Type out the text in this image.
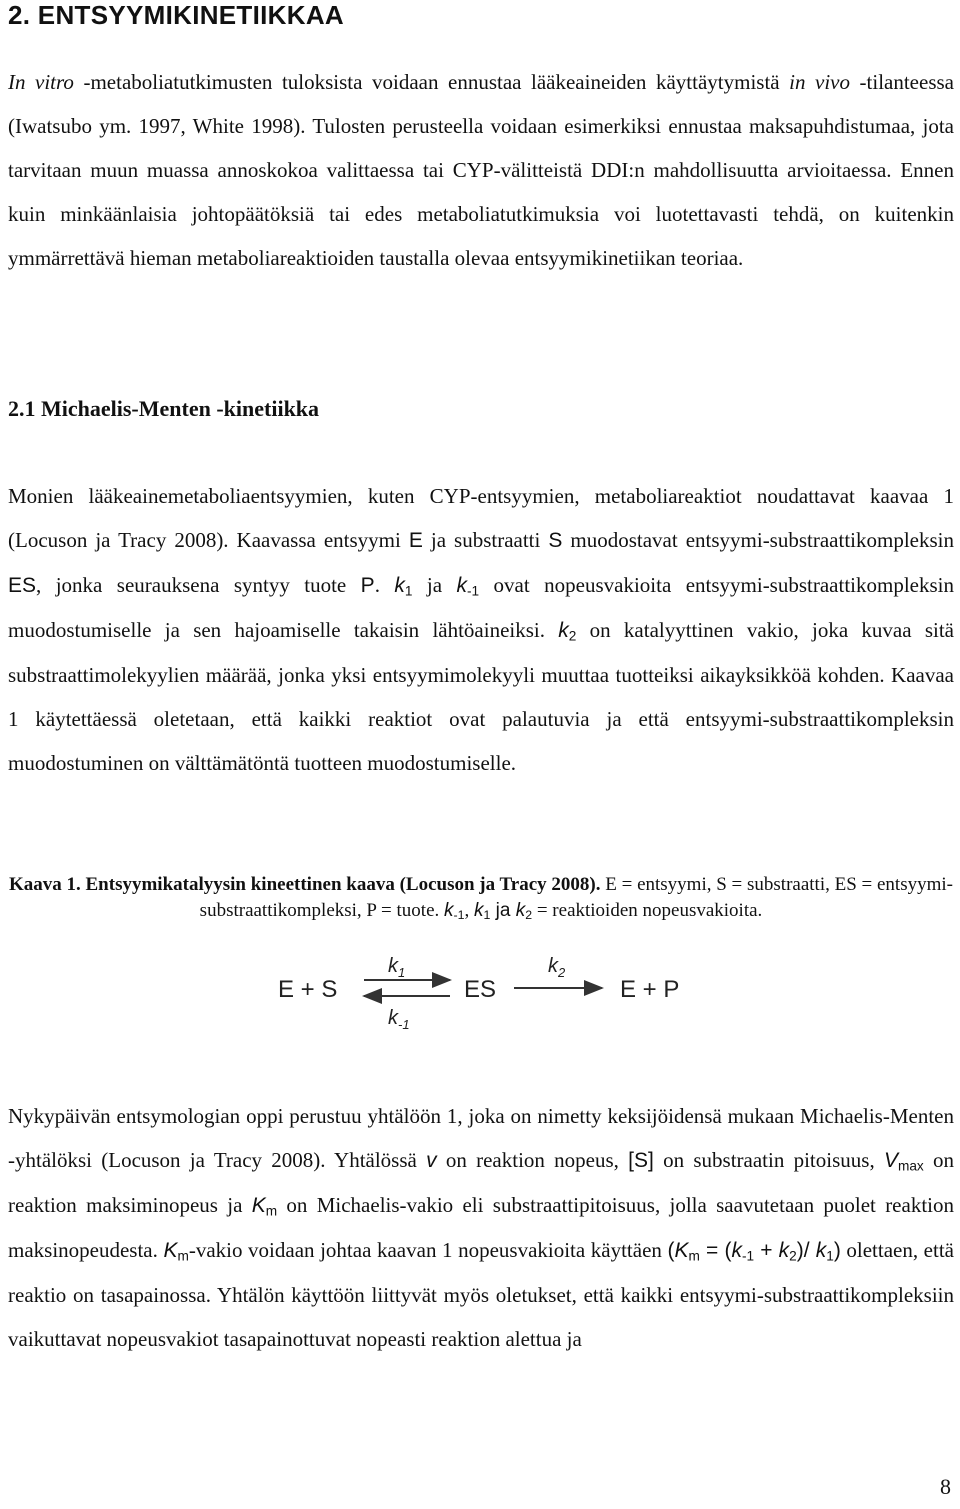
2. ENTSYYMIKINETIIKKAA

In vitro -metaboliatutkimusten tuloksista voidaan ennustaa lääkeaineiden käyttäytymistä in vivo -tilanteessa (Iwatsubo ym. 1997, White 1998). Tulosten perusteella voidaan esimerkiksi ennustaa maksapuhdistumaa, jota tarvitaan muun muassa annoskokoa valittaessa tai CYP-välitteistä DDI:n mahdollisuutta arvioitaessa. Ennen kuin minkäänlaisia johtopäätöksiä tai edes metaboliatutkimuksia voi luotettavasti tehdä, on kuitenkin ymmärrettävä hieman metaboliareaktioiden taustalla olevaa entsyymikinetiikan teoriaa.

2.1 Michaelis-Menten -kinetiikka

Monien lääkeainemetaboliaentsyymien, kuten CYP-entsyymien, metaboliareaktiot noudattavat kaavaa 1 (Locuson ja Tracy 2008). Kaavassa entsyymi E ja substraatti S muodostavat entsyymi-substraattikompleksin ES, jonka seurauksena syntyy tuote P. $k_1$ ja $k_{-1}$ ovat nopeusvakioita entsyymi-substraattikompleksin muodostumiselle ja sen hajoamiselle takaisin lähtöaineiksi. $k_2$ on katalyyttinen vakio, joka kuvaa sitä substraattimolekyylien määrää, jonka yksi entsyymimolekyyli muuttaa tuotteiksi aikayksikköä kohden. Kaavaa 1 käytettäessä oletetaan, että kaikki reaktiot ovat palautuvia ja että entsyymi-substraattikompleksin muodostuminen on välttämätöntä tuotteen muodostumiselle.

Kaava 1. Entsyymikatalyysin kineettinen kaava (Locuson ja Tracy 2008). E = entsyymi, S = substraatti, ES = entsyymi-substraattikompleksi, P = tuote. $k_{-1}$, $k_1$ ja $k_2$ = reaktioiden nopeusvakioita.

E + S
$k_1$
$k_{-1}$
ES
$k_2$
E + P

Nykypäivän entsymologian oppi perustuu yhtälöön 1, joka on nimetty keksijöidensä mukaan Michaelis-Menten -yhtälöksi (Locuson ja Tracy 2008). Yhtälössä v on reaktion nopeus, [S] on substraatin pitoisuus, $V_{max}$ on reaktion maksiminopeus ja $K_m$ on Michaelis-vakio eli substraattipitoisuus, jolla saavutetaan puolet reaktion maksinopeudesta. $K_m$-vakio voidaan johtaa kaavan 1 nopeusvakioita käyttäen ($K_m = (k_{-1} + k_2)/$ $k_1$) olettaen, että reaktio on tasapainossa. Yhtälön käyttöön liittyvät myös oletukset, että kaikki entsyymi-substraattikompleksiin vaikuttavat nopeusvakiot tasapainottuvat nopeasti reaktion alettua ja

8
